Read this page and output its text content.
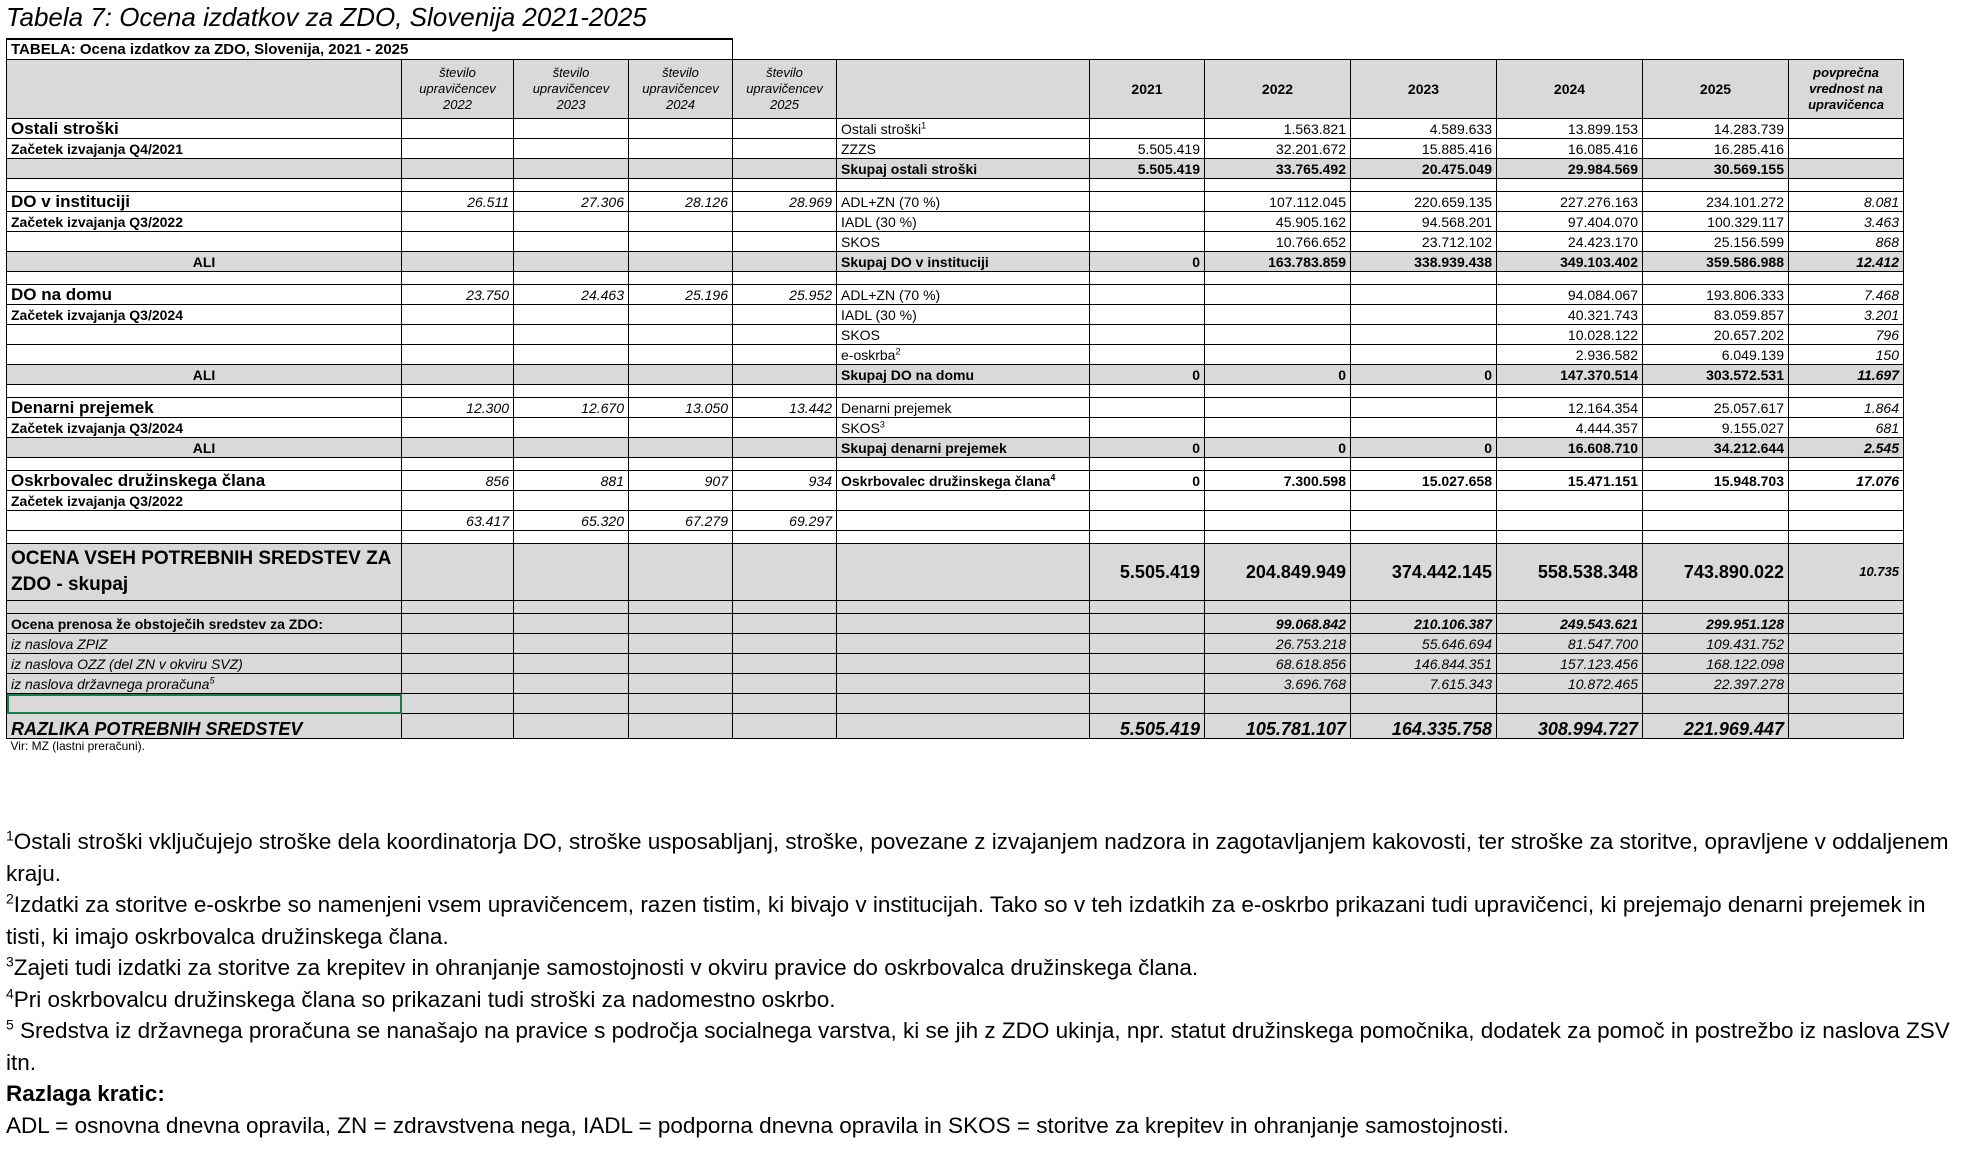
Tabela 7: Ocena izdatkov za ZDO, Slovenija 2021-2025
TABELA: Ocena izdatkov za ZDO, Slovenija, 2021 - 2025											
	število upravičencev 2022	število upravičencev 2023	število upravičencev 2024	število upravičencev 2025		2021	2022	2023	2024	2025	povprečna vrednost na upravičenca
Ostali stroški					Ostali stroški$^1$		1.563.821	4.589.633	13.899.153	14.283.739	
Začetek izvajanja Q4/2021					ZZZS	5.505.419	32.201.672	15.885.416	16.085.416	16.285.416	
					Skupaj ostali stroški	5.505.419	33.765.492	20.475.049	29.984.569	30.569.155	

DO v instituciji	26.511	27.306	28.126	28.969	ADL+ZN (70 %)		107.112.045	220.659.135	227.276.163	234.101.272	8.081
Začetek izvajanja Q3/2022					IADL (30 %)		45.905.162	94.568.201	97.404.070	100.329.117	3.463
					SKOS		10.766.652	23.712.102	24.423.170	25.156.599	868
ALI					Skupaj DO v instituciji	0	163.783.859	338.939.438	349.103.402	359.586.988	12.412

DO na domu	23.750	24.463	25.196	25.952	ADL+ZN (70 %)				94.084.067	193.806.333	7.468
Začetek izvajanja Q3/2024					IADL (30 %)				40.321.743	83.059.857	3.201
					SKOS				10.028.122	20.657.202	796
					e-oskrba$^2$				2.936.582	6.049.139	150
ALI					Skupaj DO na domu	0	0	0	147.370.514	303.572.531	11.697

Denarni prejemek	12.300	12.670	13.050	13.442	Denarni prejemek				12.164.354	25.057.617	1.864
Začetek izvajanja Q3/2024					SKOS$^3$				4.444.357	9.155.027	681
ALI					Skupaj denarni prejemek	0	0	0	16.608.710	34.212.644	2.545

Oskrbovalec družinskega člana	856	881	907	934	Oskrbovalec družinskega člana$^4$	0	7.300.598	15.027.658	15.471.151	15.948.703	17.076
Začetek izvajanja Q3/2022											
	63.417	65.320	67.279	69.297							

OCENA VSEH POTREBNIH SREDSTEV ZA ZDO - skupaj						5.505.419	204.849.949	374.442.145	558.538.348	743.890.022	10.735

Ocena prenosa že obstoječih sredstev za ZDO:							99.068.842	210.106.387	249.543.621	299.951.128	
iz naslova ZPIZ							26.753.218	55.646.694	81.547.700	109.431.752	
iz naslova OZZ (del ZN v okviru SVZ)							68.618.856	146.844.351	157.123.456	168.122.098	
iz naslova državnega proračuna$^5$							3.696.768	7.615.343	10.872.465	22.397.278	

RAZLIKA POTREBNIH SREDSTEV						5.505.419	105.781.107	164.335.758	308.994.727	221.969.447	
Vir: MZ (lastni preračuni).											

$^1$Ostali stroški vključujejo stroške dela koordinatorja DO, stroške usposabljanj, stroške, povezane z izvajanjem nadzora in zagotavljanjem kakovosti, ter stroške za storitve, opravljene v oddaljenem kraju.

$^2$Izdatki za storitve e-oskrbe so namenjeni vsem upravičencem, razen tistim, ki bivajo v institucijah. Tako so v teh izdatkih za e-oskrbo prikazani tudi upravičenci, ki prejemajo denarni prejemek in tisti, ki imajo oskrbovalca družinskega člana.

$^3$Zajeti tudi izdatki za storitve za krepitev in ohranjanje samostojnosti v okviru pravice do oskrbovalca družinskega člana.

$^4$Pri oskrbovalcu družinskega člana so prikazani tudi stroški za nadomestno oskrbo.

$^5$ Sredstva iz državnega proračuna se nanašajo na pravice s področja socialnega varstva, ki se jih z ZDO ukinja, npr. statut družinskega pomočnika, dodatek za pomoč in postrežbo iz naslova ZSV itn.

Razlaga kratic:

ADL = osnovna dnevna opravila, ZN = zdravstvena nega, IADL = podporna dnevna opravila in SKOS = storitve za krepitev in ohranjanje samostojnosti.
